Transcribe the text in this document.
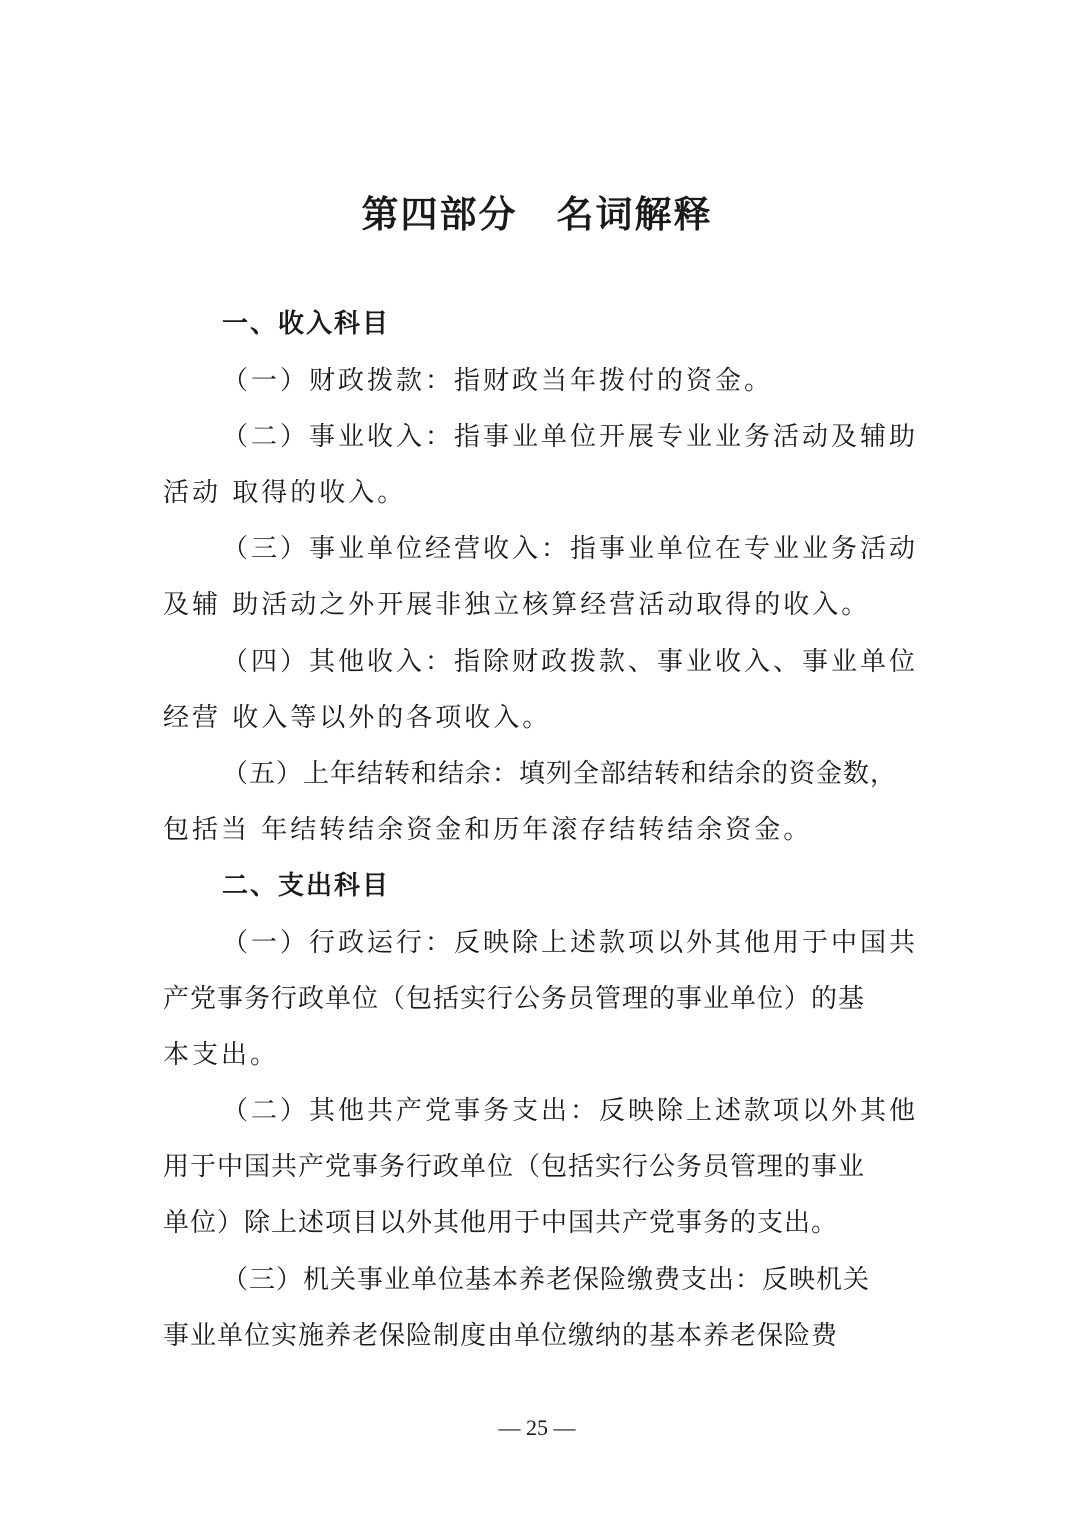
第四部分　名词解释
一、收入科目
（一）财政拨款：指财政当年拨付的资金。
（二）事业收入：指事业单位开展专业业务活动及辅助
活动 取得的收入。
（三）事业单位经营收入：指事业单位在专业业务活动
及辅 助活动之外开展非独立核算经营活动取得的收入。
（四）其他收入：指除财政拨款、事业收入、事业单位
经营 收入等以外的各项收入。
（五）上年结转和结余：填列全部结转和结余的资金数，
包括当 年结转结余资金和历年滚存结转结余资金。
二、支出科目
（一）行政运行：反映除上述款项以外其他用于中国共
产党事务行政单位（包括实行公务员管理的事业单位）的基
本支出。
（二）其他共产党事务支出：反映除上述款项以外其他
用于中国共产党事务行政单位（包括实行公务员管理的事业
单位）除上述项目以外其他用于中国共产党事务的支出。
（三）机关事业单位基本养老保险缴费支出：反映机关
事业单位实施养老保险制度由单位缴纳的基本养老保险费
— 25 —
